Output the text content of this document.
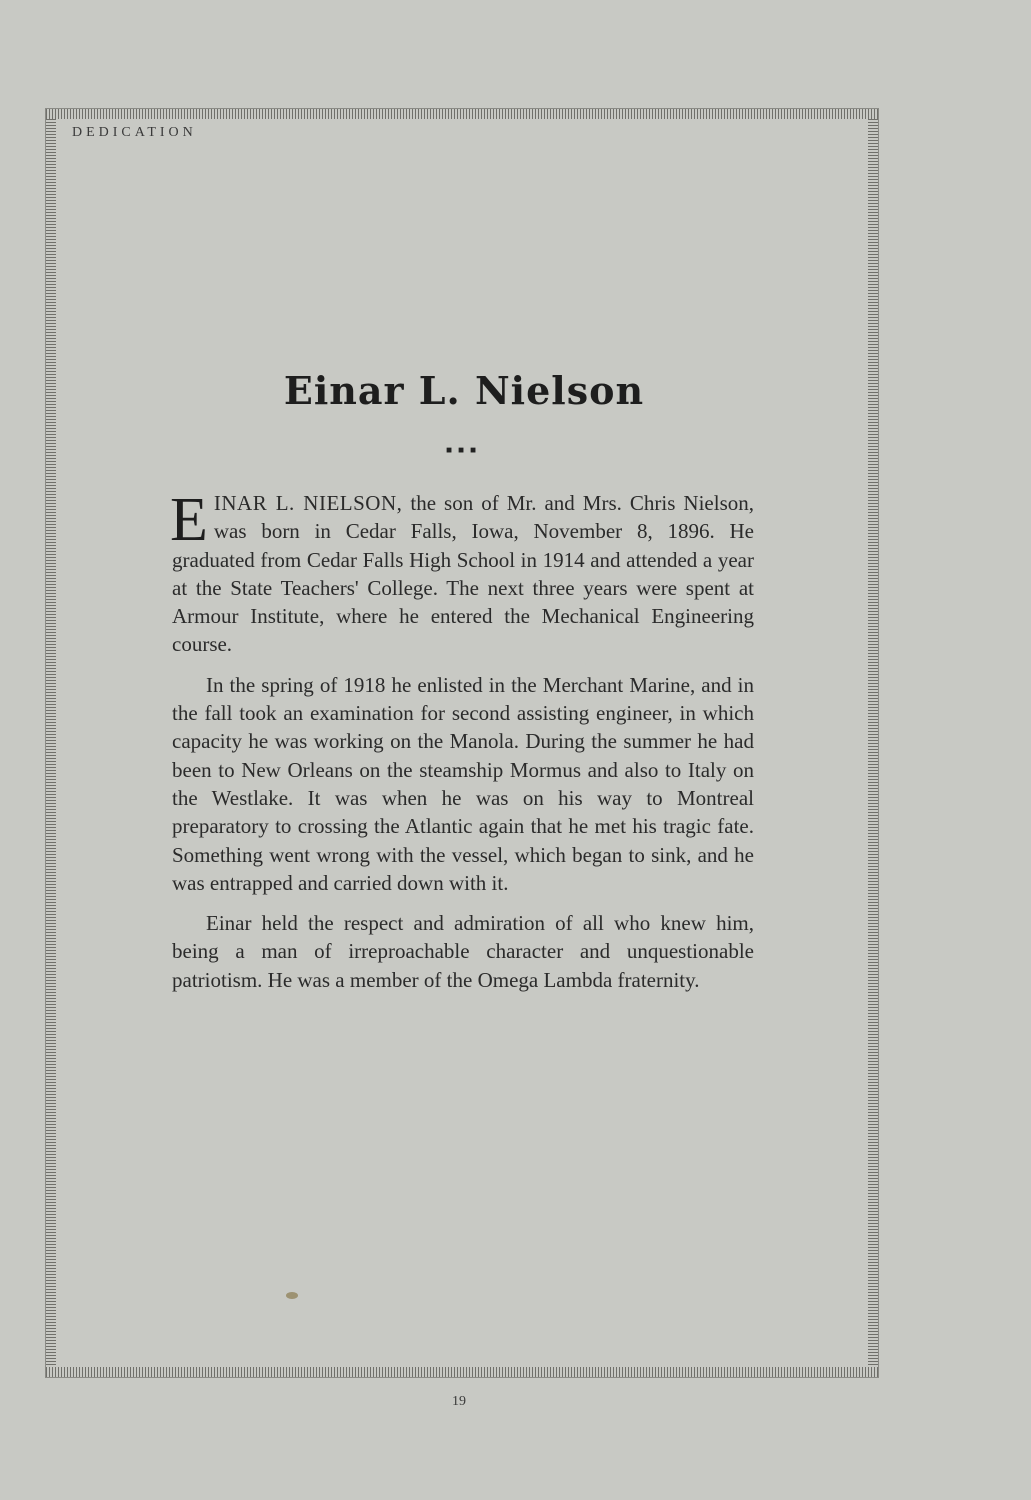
DEDICATION
Einar L. Nielson
■■■

EINAR L. NIELSON, the son of Mr. and Mrs. Chris Nielson, was born in Cedar Falls, Iowa, November 8, 1896. He graduated from Cedar Falls High School in 1914 and attended a year at the State Teachers' College. The next three years were spent at Armour Institute, where he entered the Mechanical Engineering course.

In the spring of 1918 he enlisted in the Merchant Marine, and in the fall took an examination for second assisting engineer, in which capacity he was working on the Manola. During the summer he had been to New Orleans on the steamship Mormus and also to Italy on the Westlake. It was when he was on his way to Montreal preparatory to crossing the Atlantic again that he met his tragic fate. Something went wrong with the vessel, which began to sink, and he was entrapped and carried down with it.

Einar held the respect and admiration of all who knew him, being a man of irreproachable character and unquestionable patriotism. He was a member of the Omega Lambda fraternity.

19
